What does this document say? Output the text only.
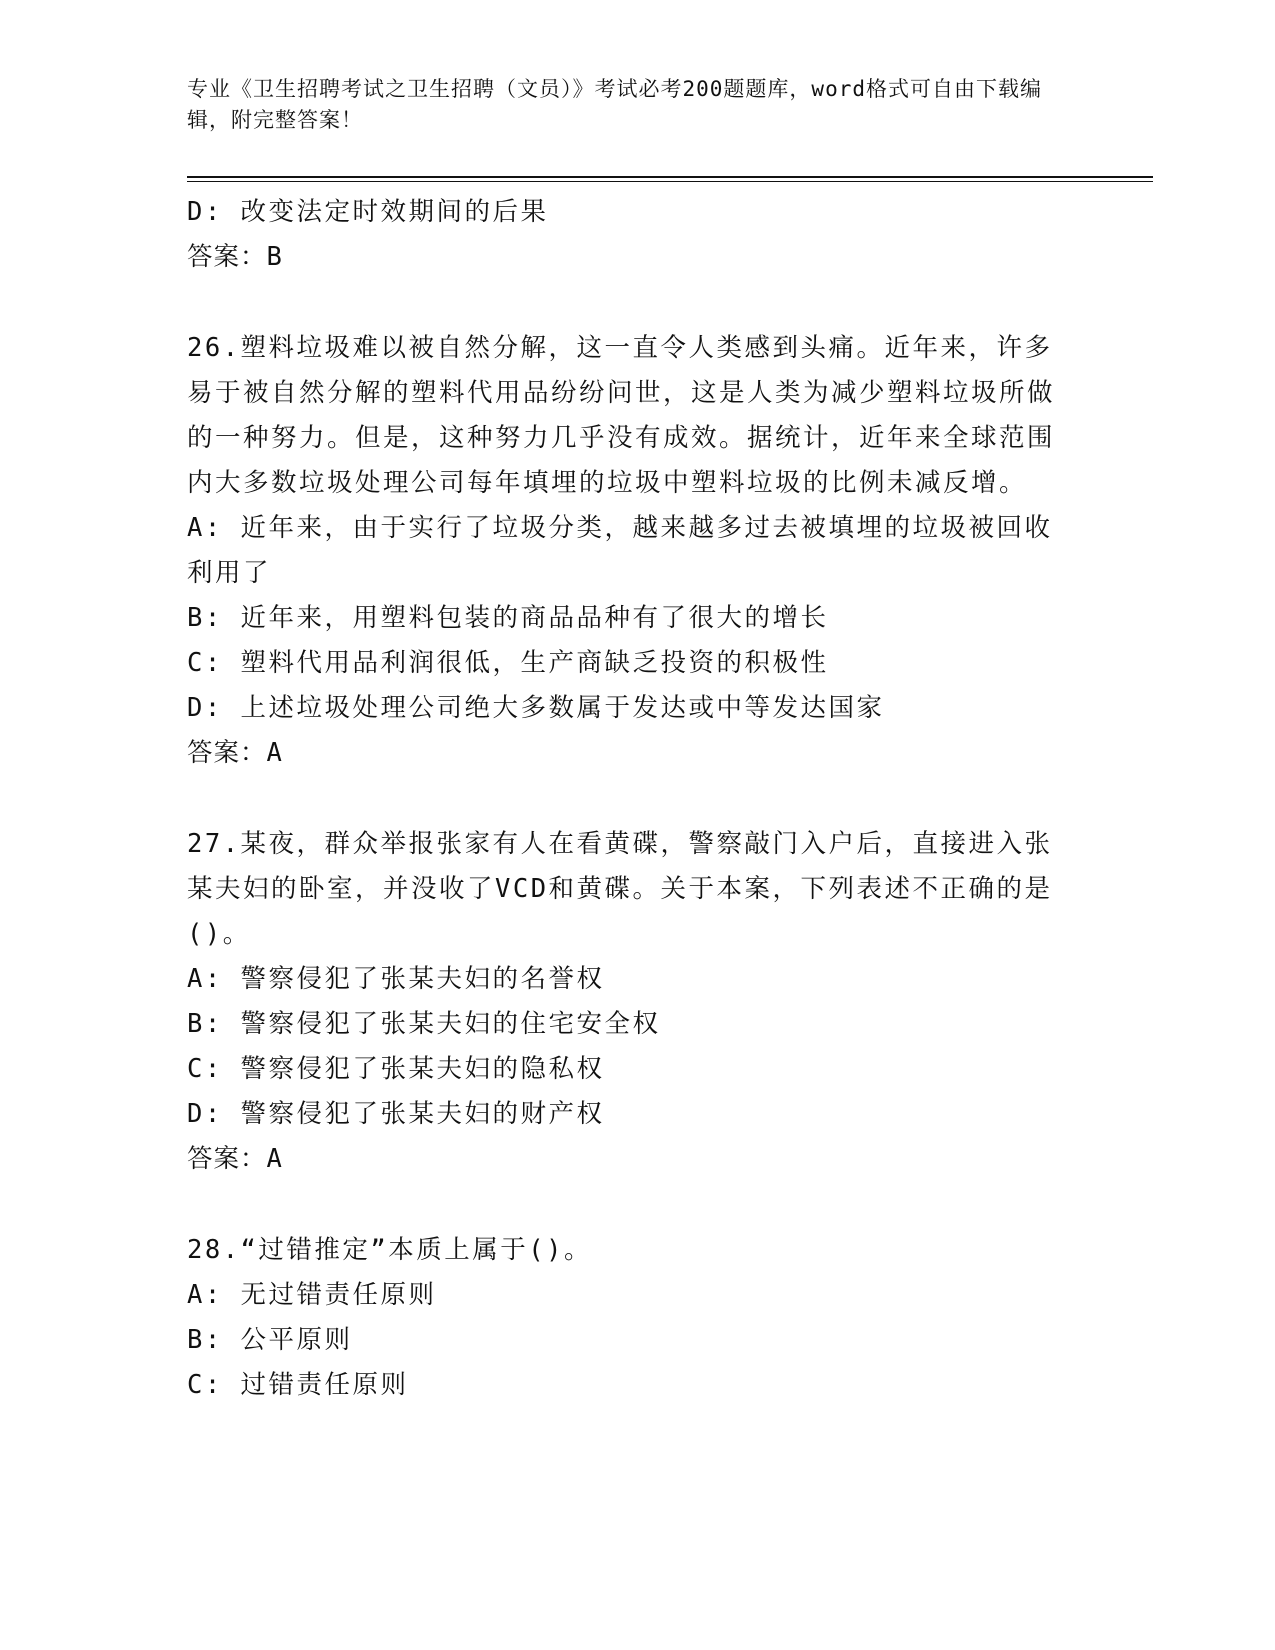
专业《卫生招聘考试之卫生招聘（文员）》考试必考200题题库，word格式可自由下载编辑，附完整答案！

D: 改变法定时效期间的后果

答案：B

26.塑料垃圾难以被自然分解，这一直令人类感到头痛。近年来，许多易于被自然分解的塑料代用品纷纷问世，这是人类为减少塑料垃圾所做的一种努力。但是，这种努力几乎没有成效。据统计，近年来全球范围内大多数垃圾处理公司每年填埋的垃圾中塑料垃圾的比例未减反增。

A: 近年来，由于实行了垃圾分类，越来越多过去被填埋的垃圾被回收利用了

B: 近年来，用塑料包装的商品品种有了很大的增长

C: 塑料代用品利润很低，生产商缺乏投资的积极性

D: 上述垃圾处理公司绝大多数属于发达或中等发达国家

答案：A

27.某夜，群众举报张家有人在看黄碟，警察敲门入户后，直接进入张某夫妇的卧室，并没收了VCD和黄碟。关于本案，下列表述不正确的是()。

A: 警察侵犯了张某夫妇的名誉权

B: 警察侵犯了张某夫妇的住宅安全权

C: 警察侵犯了张某夫妇的隐私权

D: 警察侵犯了张某夫妇的财产权

答案：A

28.“过错推定”本质上属于()。

A: 无过错责任原则

B: 公平原则

C: 过错责任原则
